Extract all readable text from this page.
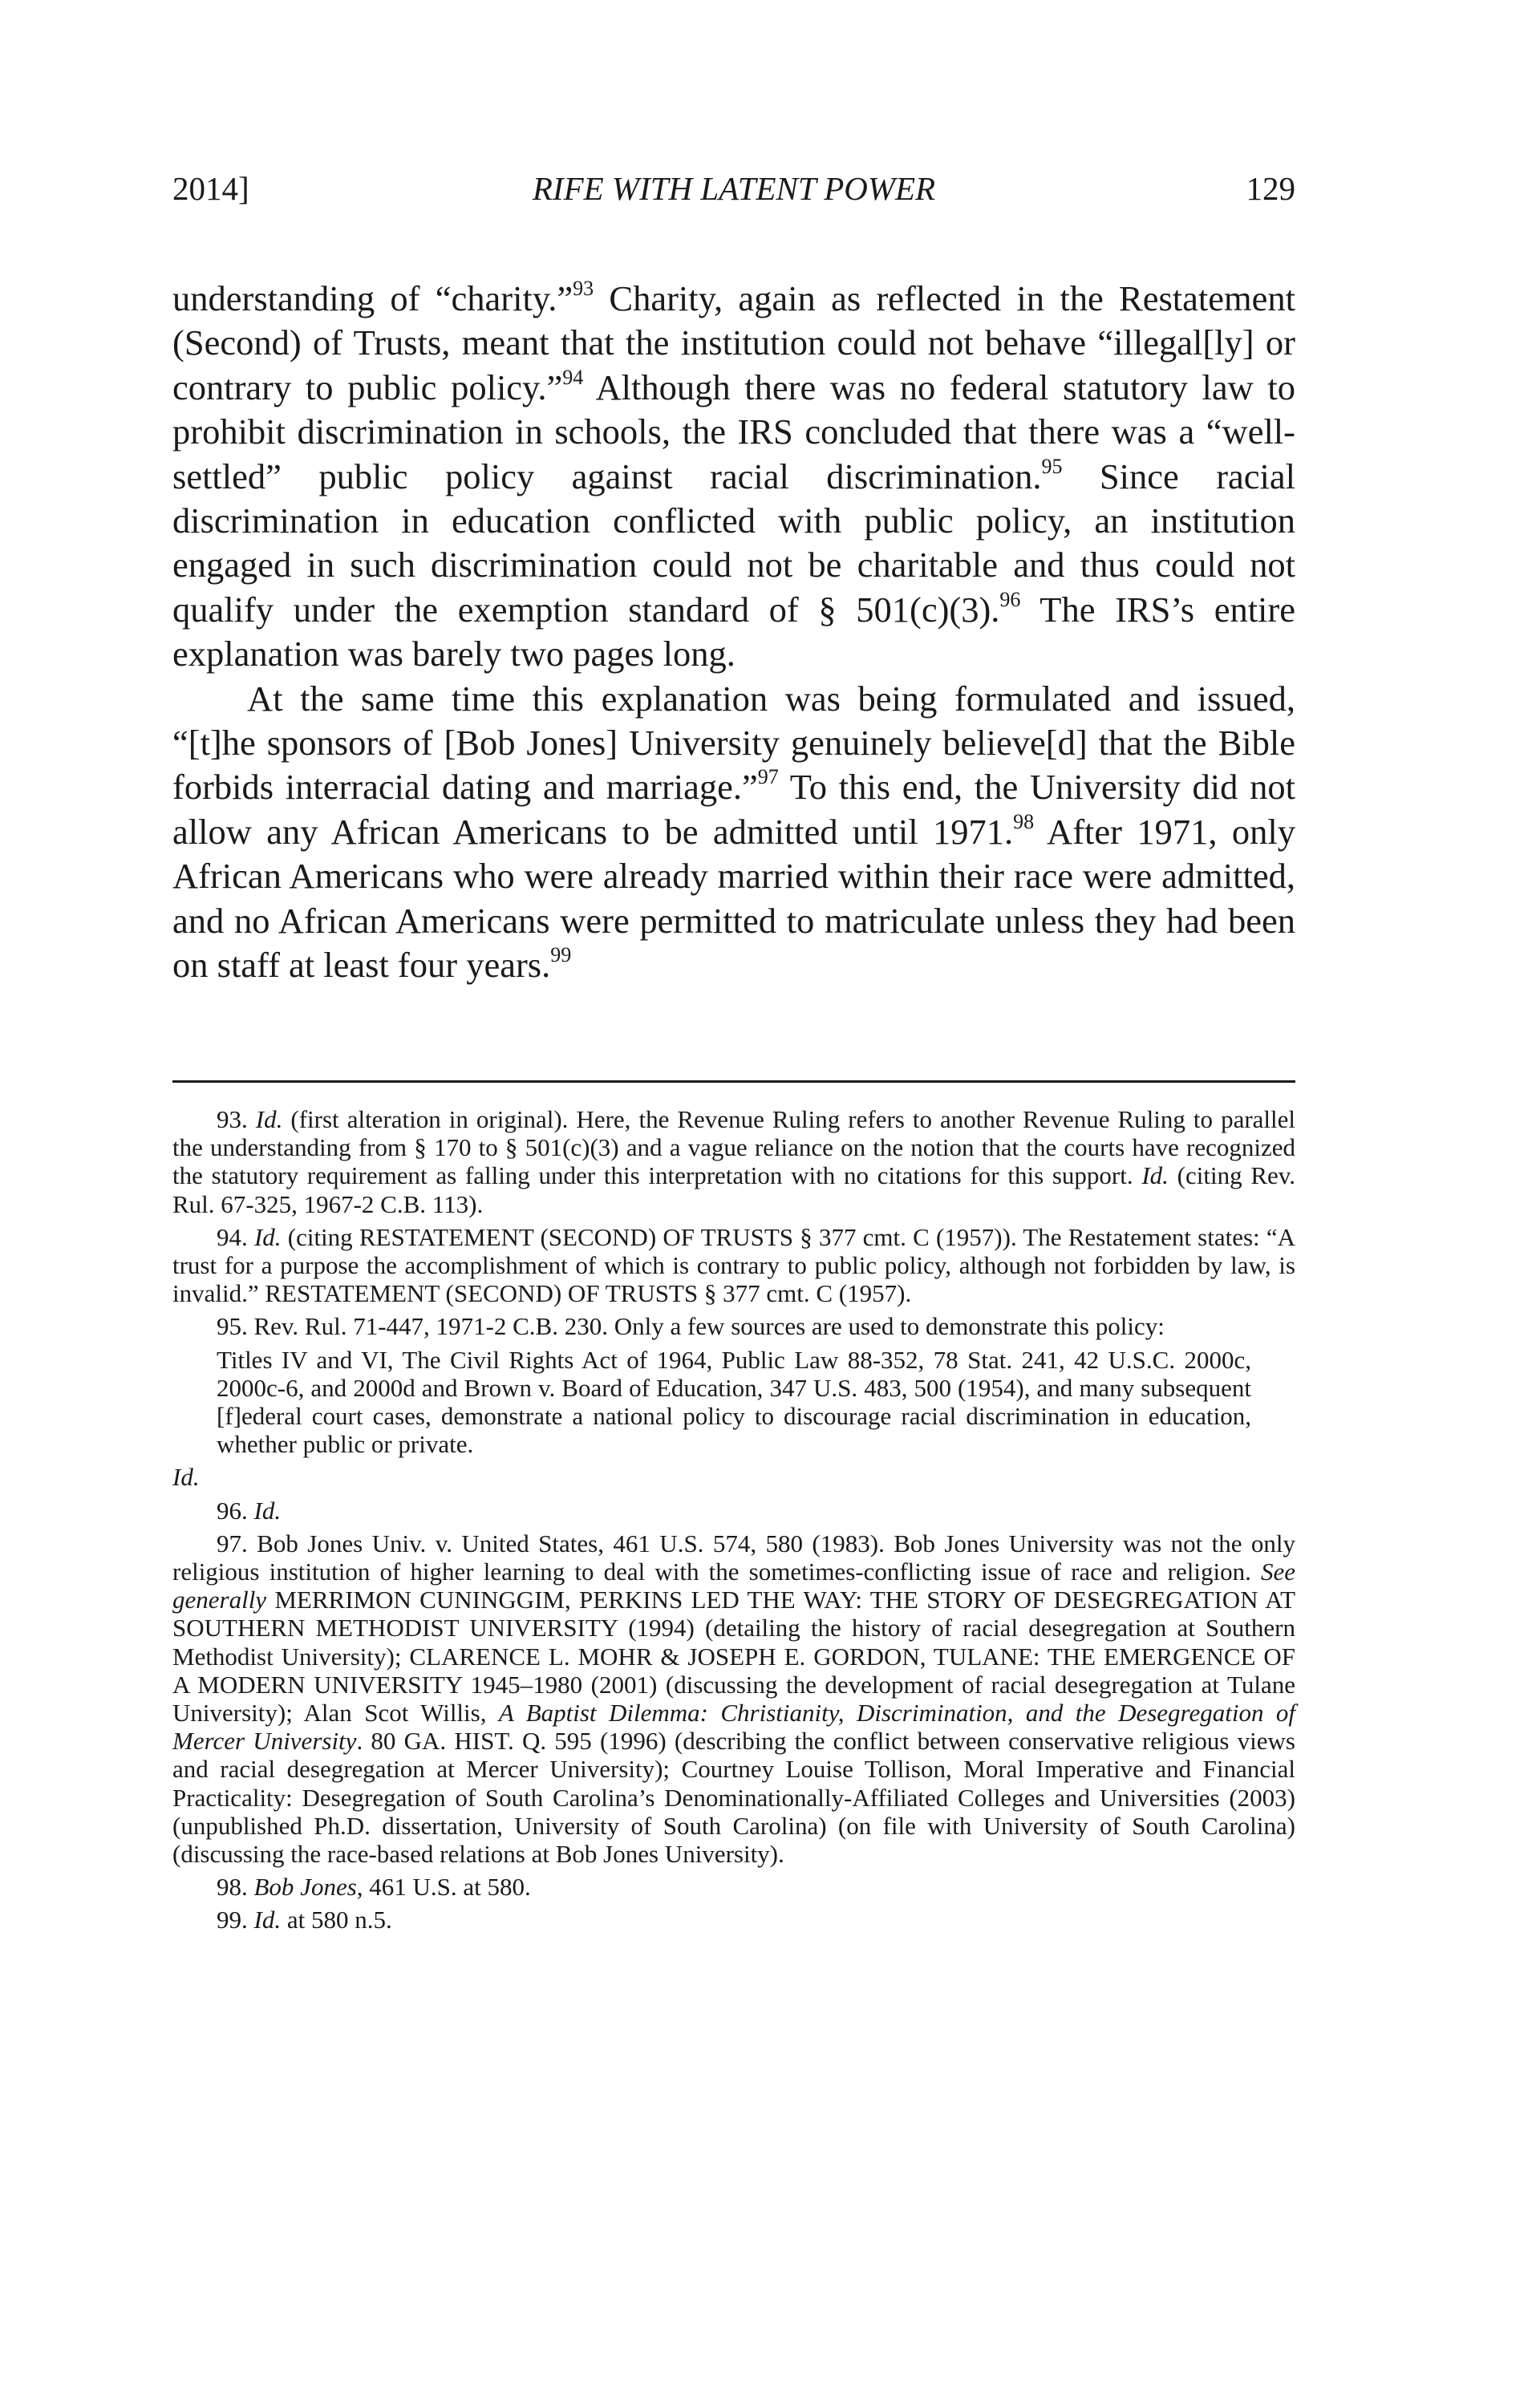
2014]	RIFE WITH LATENT POWER	129

understanding of “charity.”$^{93}$ Charity, again as reflected in the Restatement (Second) of Trusts, meant that the institution could not behave “illegal[ly] or contrary to public policy.”$^{94}$ Although there was no federal statutory law to prohibit discrimination in schools, the IRS concluded that there was a “well-settled” public policy against racial discrimination.$^{95}$ Since racial discrimination in education conflicted with public policy, an institution engaged in such discrimination could not be charitable and thus could not qualify under the exemption standard of § 501(c)(3).$^{96}$ The IRS’s entire explanation was barely two pages long.

At the same time this explanation was being formulated and issued, “[t]he sponsors of [Bob Jones] University genuinely believe[d] that the Bible forbids interracial dating and marriage.”$^{97}$ To this end, the University did not allow any African Americans to be admitted until 1971.98 After 1971, only African Americans who were already married within their race were admitted, and no African Americans were permitted to matriculate unless they had been on staff at least four years.$^{99}$

93. Id. (first alteration in original). Here, the Revenue Ruling refers to another Revenue Ruling to parallel the understanding from § 170 to § 501(c)(3) and a vague reliance on the notion that the courts have recognized the statutory requirement as falling under this interpretation with no citations for this support. Id. (citing Rev. Rul. 67-325, 1967-2 C.B. 113).

94. Id. (citing RESTATEMENT (SECOND) OF TRUSTS § 377 cmt. C (1957)). The Restatement states: “A trust for a purpose the accomplishment of which is contrary to public policy, although not forbidden by law, is invalid.” RESTATEMENT (SECOND) OF TRUSTS § 377 cmt. C (1957).

95. Rev. Rul. 71-447, 1971-2 C.B. 230. Only a few sources are used to demonstrate this policy:

Titles IV and VI, The Civil Rights Act of 1964, Public Law 88-352, 78 Stat. 241, 42 U.S.C. 2000c, 2000c-6, and 2000d and Brown v. Board of Education, 347 U.S. 483, 500 (1954), and many subsequent [f]ederal court cases, demonstrate a national policy to discourage racial discrimination in education, whether public or private.

Id.

96. Id.

97. Bob Jones Univ. v. United States, 461 U.S. 574, 580 (1983). Bob Jones University was not the only religious institution of higher learning to deal with the sometimes-conflicting issue of race and religion. See generally MERRIMON CUNINGGIM, PERKINS LED THE WAY: THE STORY OF DESEGREGATION AT SOUTHERN METHODIST UNIVERSITY (1994) (detailing the history of racial desegregation at Southern Methodist University); CLARENCE L. MOHR & JOSEPH E. GORDON, TULANE: THE EMERGENCE OF A MODERN UNIVERSITY 1945–1980 (2001) (discussing the development of racial desegregation at Tulane University); Alan Scot Willis, A Baptist Dilemma: Christianity, Discrimination, and the Desegregation of Mercer University. 80 GA. HIST. Q. 595 (1996) (describing the conflict between conservative religious views and racial desegregation at Mercer University); Courtney Louise Tollison, Moral Imperative and Financial Practicality: Desegregation of South Carolina’s Denominationally-Affiliated Colleges and Universities (2003) (unpublished Ph.D. dissertation, University of South Carolina) (on file with University of South Carolina) (discussing the race-based relations at Bob Jones University).

98. Bob Jones, 461 U.S. at 580.

99. Id. at 580 n.5.
